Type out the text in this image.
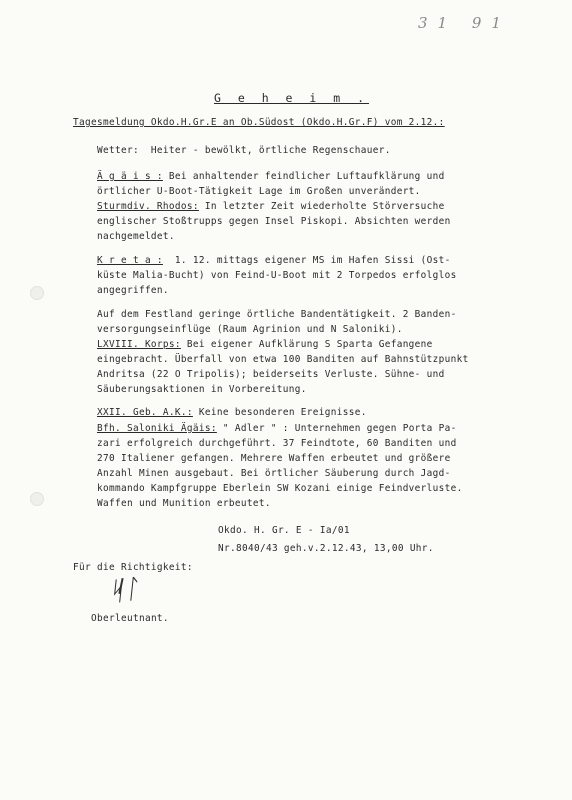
31 91
G e h e i m .
Tagesmeldung Okdo.H.Gr.E an Ob.Südost (Okdo.H.Gr.F) vom 2.12.:

Wetter:  Heiter - bewölkt, örtliche Regenschauer.

Ä g ä i s : Bei anhaltender feindlicher Luftaufklärung und

örtlicher U-Boot-Tätigkeit Lage im Großen unverändert.

Sturmdiv. Rhodos: In letzter Zeit wiederholte Störversuche

englischer Stoßtrupps gegen Insel Piskopi. Absichten werden

nachgemeldet.

K r e t a :  1. 12. mittags eigener MS im Hafen Sissi (Ost-

küste Malia-Bucht) von Feind-U-Boot mit 2 Torpedos erfolglos

angegriffen.

Auf dem Festland geringe örtliche Bandentätigkeit. 2 Banden-

versorgungseinflüge (Raum Agrinion und N Saloniki).

LXVIII. Korps: Bei eigener Aufklärung S Sparta Gefangene

eingebracht. Überfall von etwa 100 Banditen auf Bahnstützpunkt

Andritsa (22 O Tripolis); beiderseits Verluste. Sühne- und

Säuberungsaktionen in Vorbereitung.

XXII. Geb. A.K.: Keine besonderen Ereignisse.

Bfh. Saloniki Ägäis: " Adler " : Unternehmen gegen Porta Pa-

zari erfolgreich durchgeführt. 37 Feindtote, 60 Banditen und

270 Italiener gefangen. Mehrere Waffen erbeutet und größere

Anzahl Minen ausgebaut. Bei örtlicher Säuberung durch Jagd-

kommando Kampfgruppe Eberlein SW Kozani einige Feindverluste.

Waffen und Munition erbeutet.

Okdo. H. Gr. E - Ia/01
Nr.8040/43 geh.v.2.12.43, 13,00 Uhr.
Für die Richtigkeit:
ᛋᛚ
Oberleutnant.
